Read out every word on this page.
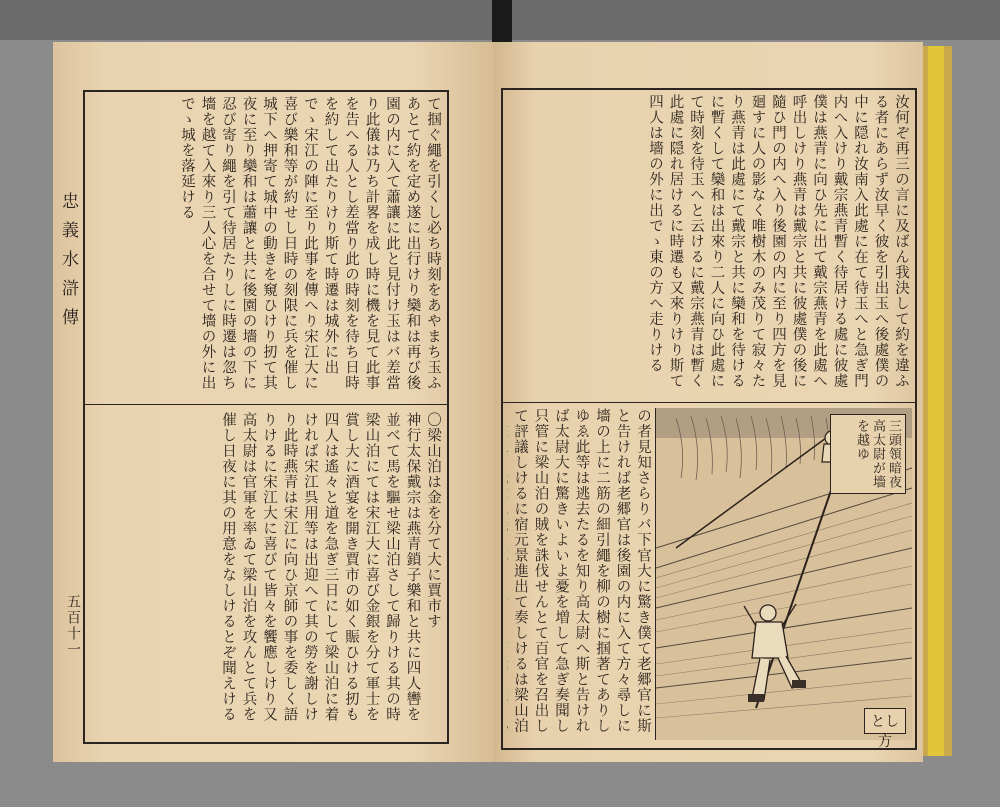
忠義水滸傳
五百十一
て掴ぐ繩を引くし必ち時刻をあやまち玉ふあとて約を定め遂に出行けり欒和は再び後園の内に入て蕭讓に此と見付け玉はバ差當り此儀は乃ち計畧を成し時に機を見て此事を告へる人とし差當り此の時刻を待ち日時を約して出たりけり斯て時遷は城外に出でゝ宋江の陣に至り此事を傳へり宋江大に喜び樂和等が約せし日時の刻限に兵を催し城下へ押寄て城中の動きを窺ひけり扨て其夜に至り欒和は蕭讓と共に後園の墻の下に忍び寄り繩を引て待居たりしに時遷は忽ち墻を越て入來り三人心を合せて墻の外に出でゝ城を落延ける
〇梁山泊は金を分て大に賈市す
神行太保戴宗は燕青鎖子樂和と共に四人轡を並べて馬を驅せ梁山泊さして歸りける其の時梁山泊にては宋江大に喜び金銀を分て軍士を賞し大に酒宴を開き賈市の如く賑ひける扨も四人は遙々と道を急ぎ三日にして梁山泊に着ければ宋江呉用等は出迎へて其の勞を謝しけり此時燕青は宋江に向ひ京師の事を委しく語りけるに宋江大に喜びて皆々を饗應しけり又高太尉は官軍を率ゐて梁山泊を攻んとて兵を催し日夜に其の用意をなしけるとぞ聞えける
汝何ぞ再三の言に及ばん我決して約を違ふる者にあらず汝早く彼を引出玉へ後處僕の中に隠れ汝南入此處に在て待玉へと急ぎ門内へ入けり戴宗燕青暫く待居ける處に彼處僕は燕青に向ひ先に出て戴宗燕青を此處へ呼出しけり燕青は戴宗と共に彼處僕の後に隨ひ門の内へ入り後園の内に至り四方を見廻すに人の影なく唯樹木のみ茂りて寂々たり燕青は此處にて戴宗と共に欒和を待けるに暫くして欒和は出來り二人に向ひ此處にて時刻を待玉へと云けるに戴宗燕青は暫く此處に隠れ居けるに時遷も又來りけり斯て四人は墻の外に出でゝ東の方へ走りける
の者見知さらりバ下官大に驚き僕て老郷官に斯と告ければ老郷官は後園の内に入て方々尋しに墻の上に二筋の細引繩を柳の樹に掴著てありしゆゑ此等は逃去たるを知り高太尉へ斯と告ければ太尉大に驚きいよいよ憂を増して急ぎ奏聞し只管に梁山泊の賊を誅伐せんとて百官を召出して評議しけるに宿元景進出て奏しけるは梁山泊
三頭領暗夜高太尉が墻を越ゆ
とし方
